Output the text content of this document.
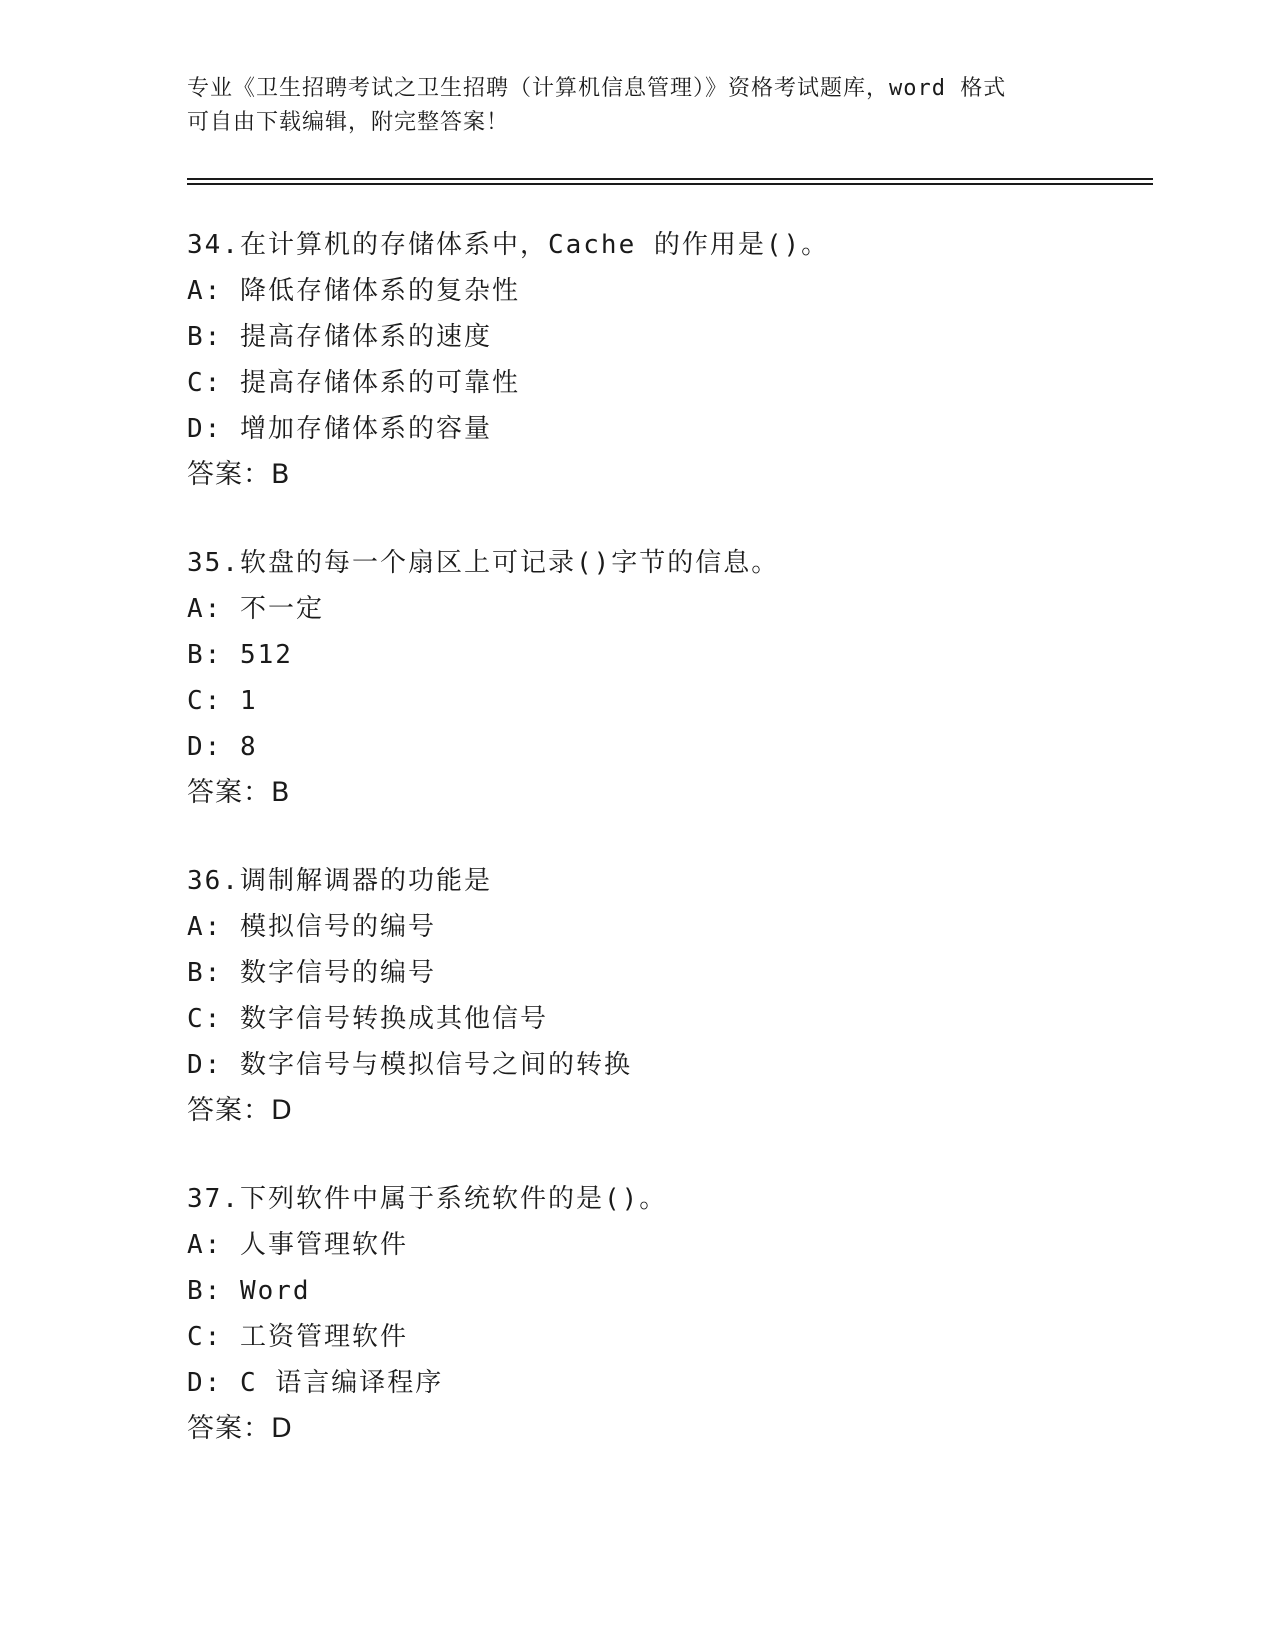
专业《卫生招聘考试之卫生招聘（计算机信息管理）》资格考试题库，word 格式
可自由下载编辑，附完整答案！
34.在计算机的存储体系中，Cache 的作用是()。
A: 降低存储体系的复杂性
B: 提高存储体系的速度
C: 提高存储体系的可靠性
D: 增加存储体系的容量
答案：B
35.软盘的每一个扇区上可记录()字节的信息。
A: 不一定
B: 512
C: 1
D: 8
答案：B
36.调制解调器的功能是
A: 模拟信号的编号
B: 数字信号的编号
C: 数字信号转换成其他信号
D: 数字信号与模拟信号之间的转换
答案：D
37.下列软件中属于系统软件的是()。
A: 人事管理软件
B: Word
C: 工资管理软件
D: C 语言编译程序
答案：D
